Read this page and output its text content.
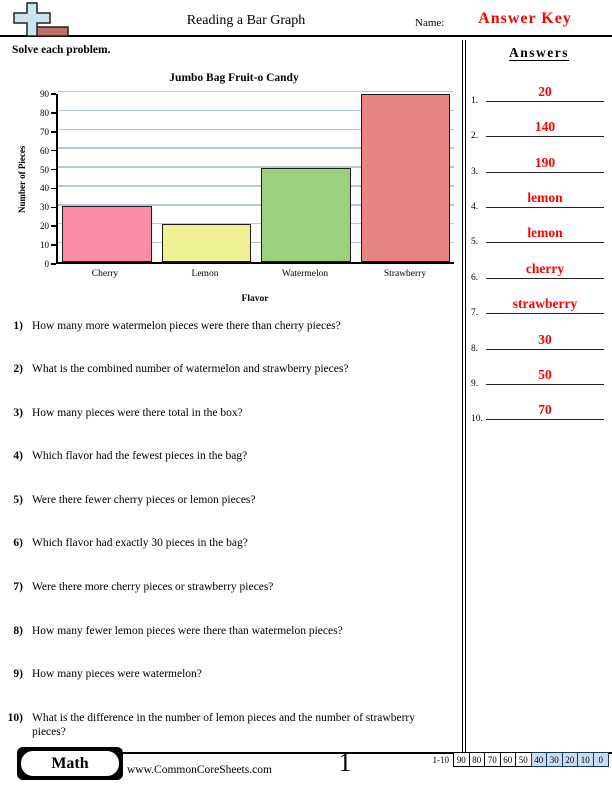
Reading a Bar Graph	Name:	Answer Key
Solve each problem.
Jumbo Bag Fruit-o Candy
Number of Pieces
0
10
20
30
40
50
60
70
80
90
Cherry	Lemon	Watermelon	Strawberry
Flavor
1) How many more watermelon pieces were there than cherry pieces?
2) What is the combined number of watermelon and strawberry pieces?
3) How many pieces were there total in the box?
4) Which flavor had the fewest pieces in the bag?
5) Were there fewer cherry pieces or lemon pieces?
6) Which flavor had exactly 30 pieces in the bag?
7) Were there more cherry pieces or strawberry pieces?
8) How many fewer lemon pieces were there than watermelon pieces?
9) How many pieces were watermelon?
10) What is the difference in the number of lemon pieces and the number of strawberry pieces?
Answers
1.
20
2.
140
3.
190
4.
lemon
5.
lemon
6.
cherry
7.
strawberry
8.
30
9.
50
10.
70
Math	www.CommonCoreSheets.com	1	1-10 90 80 70 60 50 40 30 20 10 0
